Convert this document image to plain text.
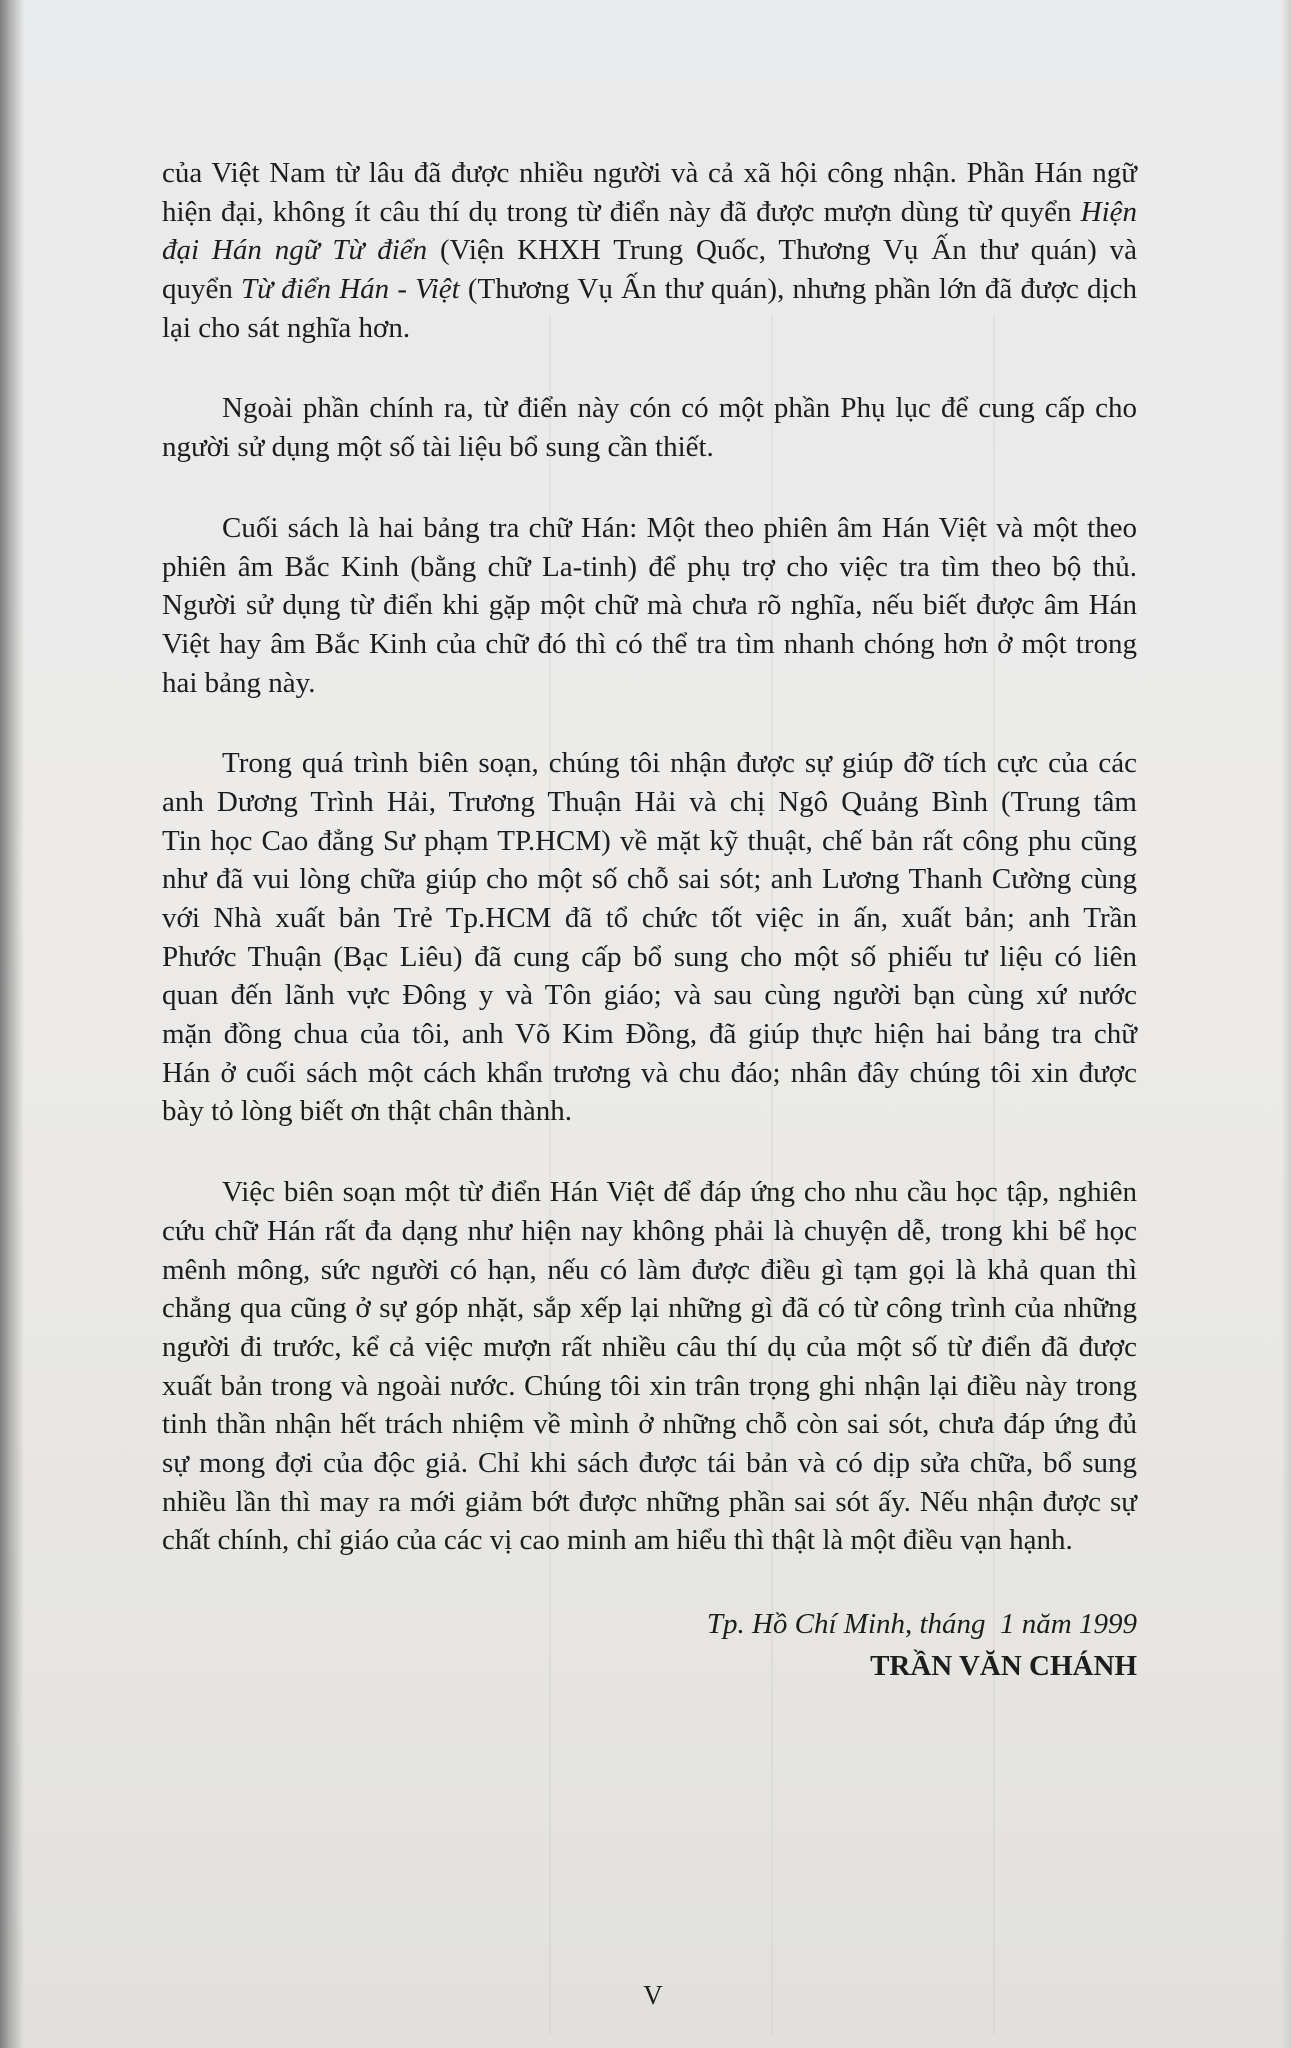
của Việt Nam từ lâu đã được nhiều người và cả xã hội công nhận. Phần Hán ngữ
hiện đại, không ít câu thí dụ trong từ điển này đã được mượn dùng từ quyển Hiện
đại Hán ngữ Từ điển (Viện KHXH Trung Quốc, Thương Vụ Ấn thư quán) và
quyển Từ điển Hán - Việt (Thương Vụ Ấn thư quán), nhưng phần lớn đã được dịch
lại cho sát nghĩa hơn.
Ngoài phần chính ra, từ điển này cón có một phần Phụ lục để cung cấp cho
người sử dụng một số tài liệu bổ sung cần thiết.
Cuối sách là hai bảng tra chữ Hán: Một theo phiên âm Hán Việt và một theo
phiên âm Bắc Kinh (bằng chữ La-tinh) để phụ trợ cho việc tra tìm theo bộ thủ.
Người sử dụng từ điển khi gặp một chữ mà chưa rõ nghĩa, nếu biết được âm Hán
Việt hay âm Bắc Kinh của chữ đó thì có thể tra tìm nhanh chóng hơn ở một trong
hai bảng này.
Trong quá trình biên soạn, chúng tôi nhận được sự giúp đỡ tích cực của các
anh Dương Trình Hải, Trương Thuận Hải và chị Ngô Quảng Bình (Trung tâm
Tin học Cao đẳng Sư phạm TP.HCM) về mặt kỹ thuật, chế bản rất công phu cũng
như đã vui lòng chữa giúp cho một số chỗ sai sót; anh Lương Thanh Cường cùng
với Nhà xuất bản Trẻ Tp.HCM đã tổ chức tốt việc in ấn, xuất bản; anh Trần
Phước Thuận (Bạc Liêu) đã cung cấp bổ sung cho một số phiếu tư liệu có liên
quan đến lãnh vực Đông y và Tôn giáo; và sau cùng người bạn cùng xứ nước
mặn đồng chua của tôi, anh Võ Kim Đồng, đã giúp thực hiện hai bảng tra chữ
Hán ở cuối sách một cách khẩn trương và chu đáo; nhân đây chúng tôi xin được
bày tỏ lòng biết ơn thật chân thành.
Việc biên soạn một từ điển Hán Việt để đáp ứng cho nhu cầu học tập, nghiên
cứu chữ Hán rất đa dạng như hiện nay không phải là chuyện dễ, trong khi bể học
mênh mông, sức người có hạn, nếu có làm được điều gì tạm gọi là khả quan thì
chẳng qua cũng ở sự góp nhặt, sắp xếp lại những gì đã có từ công trình của những
người đi trước, kể cả việc mượn rất nhiều câu thí dụ của một số từ điển đã được
xuất bản trong và ngoài nước. Chúng tôi xin trân trọng ghi nhận lại điều này trong
tinh thần nhận hết trách nhiệm về mình ở những chỗ còn sai sót, chưa đáp ứng đủ
sự mong đợi của độc giả. Chỉ khi sách được tái bản và có dịp sửa chữa, bổ sung
nhiều lần thì may ra mới giảm bớt được những phần sai sót ấy. Nếu nhận được sự
chất chính, chỉ giáo của các vị cao minh am hiểu thì thật là một điều vạn hạnh.
Tp. Hồ Chí Minh, tháng  1 năm 1999
TRẦN VĂN CHÁNH
V
